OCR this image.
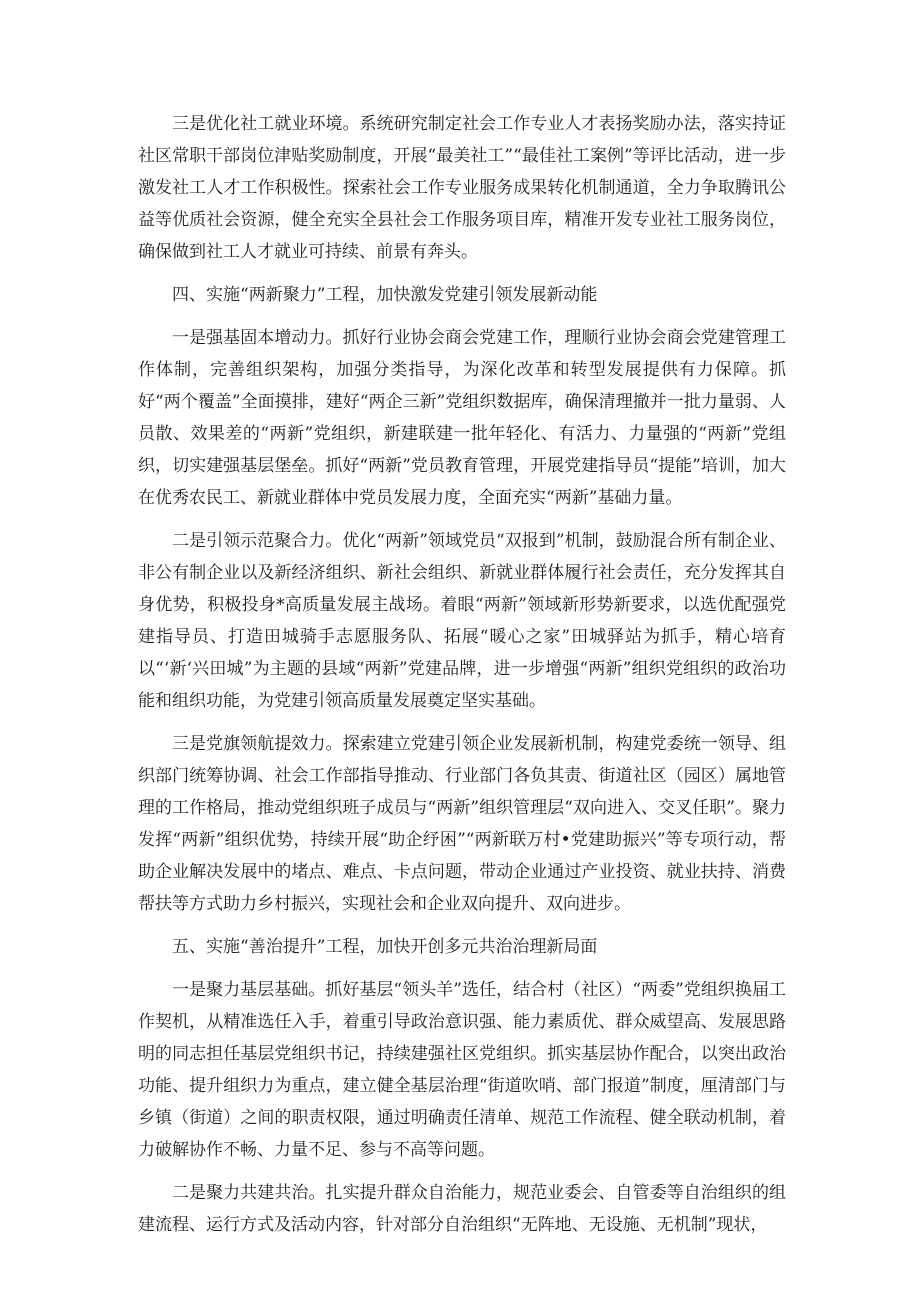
三是优化社工就业环境。系统研究制定社会工作专业人才表扬奖励办法，落实持证社区常职干部岗位津贴奖励制度，开展“最美社工”“最佳社工案例”等评比活动，进一步激发社工人才工作积极性。探索社会工作专业服务成果转化机制通道，全力争取腾讯公益等优质社会资源，健全充实全县社会工作服务项目库，精准开发专业社工服务岗位，确保做到社工人才就业可持续、前景有奔头。

四、实施“两新聚力”工程，加快激发党建引领发展新动能

一是强基固本增动力。抓好行业协会商会党建工作，理顺行业协会商会党建管理工作体制，完善组织架构，加强分类指导，为深化改革和转型发展提供有力保障。抓好“两个覆盖”全面摸排，建好“两企三新”党组织数据库，确保清理撤并一批力量弱、人员散、效果差的“两新”党组织，新建联建一批年轻化、有活力、力量强的“两新”党组织，切实建强基层堡垒。抓好“两新”党员教育管理，开展党建指导员“提能”培训，加大在优秀农民工、新就业群体中党员发展力度，全面充实“两新”基础力量。

二是引领示范聚合力。优化“两新”领域党员“双报到”机制，鼓励混合所有制企业、非公有制企业以及新经济组织、新社会组织、新就业群体履行社会责任，充分发挥其自身优势，积极投身*高质量发展主战场。着眼“两新”领域新形势新要求，以选优配强党建指导员、打造田城骑手志愿服务队、拓展“暖心之家”田城驿站为抓手，精心培育以“‘新‘兴田城”为主题的县域“两新”党建品牌，进一步增强“两新”组织党组织的政治功能和组织功能，为党建引领高质量发展奠定坚实基础。

三是党旗领航提效力。探索建立党建引领企业发展新机制，构建党委统一领导、组织部门统筹协调、社会工作部指导推动、行业部门各负其责、街道社区（园区）属地管理的工作格局，推动党组织班子成员与“两新”组织管理层“双向进入、交叉任职”。聚力发挥“两新”组织优势，持续开展“助企纾困”“两新联万村•党建助振兴”等专项行动，帮助企业解决发展中的堵点、难点、卡点问题，带动企业通过产业投资、就业扶持、消费帮扶等方式助力乡村振兴，实现社会和企业双向提升、双向进步。

五、实施“善治提升”工程，加快开创多元共治治理新局面

一是聚力基层基础。抓好基层“领头羊”选任，结合村（社区）“两委”党组织换届工作契机，从精准选任入手，着重引导政治意识强、能力素质优、群众威望高、发展思路明的同志担任基层党组织书记，持续建强社区党组织。抓实基层协作配合，以突出政治功能、提升组织力为重点，建立健全基层治理“街道吹哨、部门报道”制度，厘清部门与乡镇（街道）之间的职责权限，通过明确责任清单、规范工作流程、健全联动机制，着力破解协作不畅、力量不足、参与不高等问题。

二是聚力共建共治。扎实提升群众自治能力，规范业委会、自管委等自治组织的组建流程、运行方式及活动内容，针对部分自治组织“无阵地、无设施、无机制”现状，
